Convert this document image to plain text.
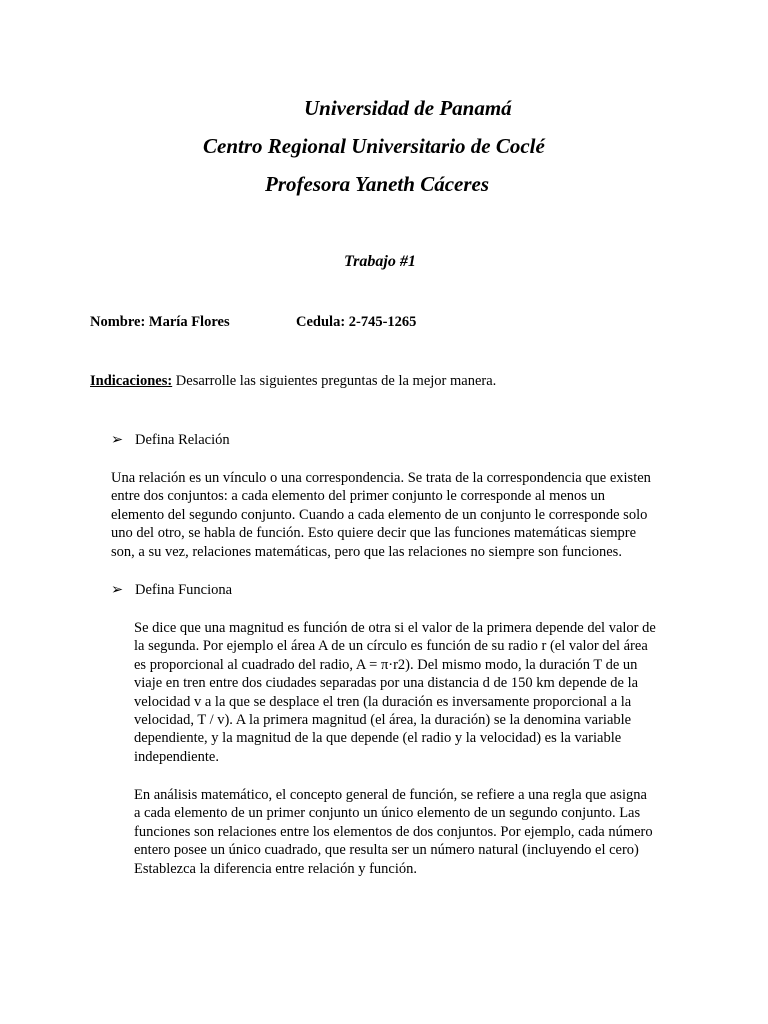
Universidad de Panamá
Centro Regional Universitario de Coclé
Profesora Yaneth Cáceres
Trabajo #1
Nombre: María Flores	Cedula: 2-745-1265
Indicaciones: Desarrolle las siguientes preguntas de la mejor manera.
➢ Defina Relación
Una relación es un vínculo o una correspondencia. Se trata de la correspondencia que existen
entre dos conjuntos: a cada elemento del primer conjunto le corresponde al menos un
elemento del segundo conjunto. Cuando a cada elemento de un conjunto le corresponde solo
uno del otro, se habla de función. Esto quiere decir que las funciones matemáticas siempre
son, a su vez, relaciones matemáticas, pero que las relaciones no siempre son funciones.
➢ Defina Funciona
Se dice que una magnitud es función de otra si el valor de la primera depende del valor de
la segunda. Por ejemplo el área A de un círculo es función de su radio r (el valor del área
es proporcional al cuadrado del radio, A = π·r2). Del mismo modo, la duración T de un
viaje en tren entre dos ciudades separadas por una distancia d de 150 km depende de la
velocidad v a la que se desplace el tren (la duración es inversamente proporcional a la
velocidad, T / v). A la primera magnitud (el área, la duración) se la denomina variable
dependiente, y la magnitud de la que depende (el radio y la velocidad) es la variable
independiente.
En análisis matemático, el concepto general de función, se refiere a una regla que asigna
a cada elemento de un primer conjunto un único elemento de un segundo conjunto. Las
funciones son relaciones entre los elementos de dos conjuntos. Por ejemplo, cada número
entero posee un único cuadrado, que resulta ser un número natural (incluyendo el cero)
Establezca la diferencia entre relación y función.
